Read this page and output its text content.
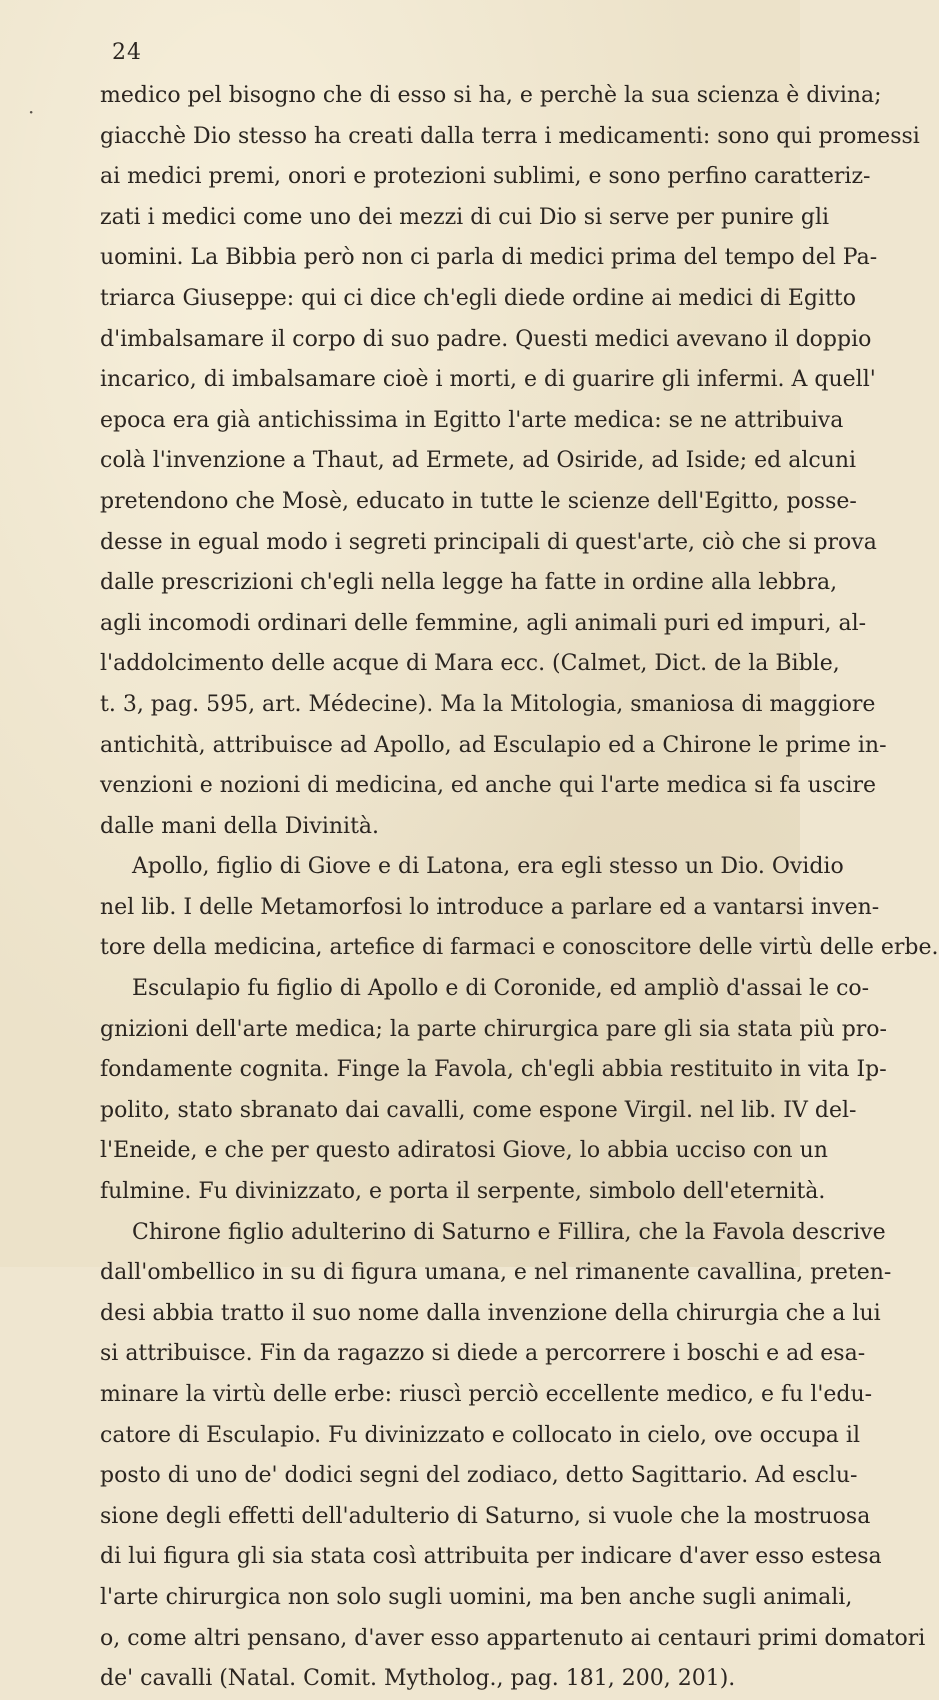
24
medico pel bisogno che di esso si ha, e perchè la sua scienza è divina;
giacchè Dio stesso ha creati dalla terra i medicamenti: sono qui promessi
ai medici premi, onori e protezioni sublimi, e sono perfino caratteriz-
zati i medici come uno dei mezzi di cui Dio si serve per punire gli
uomini. La Bibbia però non ci parla di medici prima del tempo del Pa-
triarca Giuseppe: qui ci dice ch'egli diede ordine ai medici di Egitto
d'imbalsamare il corpo di suo padre. Questi medici avevano il doppio
incarico, di imbalsamare cioè i morti, e di guarire gli infermi. A quell'
epoca era già antichissima in Egitto l'arte medica: se ne attribuiva
colà l'invenzione a Thaut, ad Ermete, ad Osiride, ad Iside; ed alcuni
pretendono che Mosè, educato in tutte le scienze dell'Egitto, posse-
desse in egual modo i segreti principali di quest'arte, ciò che si prova
dalle prescrizioni ch'egli nella legge ha fatte in ordine alla lebbra,
agli incomodi ordinari delle femmine, agli animali puri ed impuri, al-
l'addolcimento delle acque di Mara ecc. (Calmet, Dict. de la Bible,
t. 3, pag. 595, art. Médecine). Ma la Mitologia, smaniosa di maggiore
antichità, attribuisce ad Apollo, ad Esculapio ed a Chirone le prime in-
venzioni e nozioni di medicina, ed anche qui l'arte medica si fa uscire
dalle mani della Divinità.
Apollo, figlio di Giove e di Latona, era egli stesso un Dio. Ovidio
nel lib. I delle Metamorfosi lo introduce a parlare ed a vantarsi inven-
tore della medicina, artefice di farmaci e conoscitore delle virtù delle erbe.
Esculapio fu figlio di Apollo e di Coronide, ed ampliò d'assai le co-
gnizioni dell'arte medica; la parte chirurgica pare gli sia stata più pro-
fondamente cognita. Finge la Favola, ch'egli abbia restituito in vita Ip-
polito, stato sbranato dai cavalli, come espone Virgil. nel lib. IV del-
l'Eneide, e che per questo adiratosi Giove, lo abbia ucciso con un
fulmine. Fu divinizzato, e porta il serpente, simbolo dell'eternità.
Chirone figlio adulterino di Saturno e Fillira, che la Favola descrive
dall'ombellico in su di figura umana, e nel rimanente cavallina, preten-
desi abbia tratto il suo nome dalla invenzione della chirurgia che a lui
si attribuisce. Fin da ragazzo si diede a percorrere i boschi e ad esa-
minare la virtù delle erbe: riuscì perciò eccellente medico, e fu l'edu-
catore di Esculapio. Fu divinizzato e collocato in cielo, ove occupa il
posto di uno de' dodici segni del zodiaco, detto Sagittario. Ad esclu-
sione degli effetti dell'adulterio di Saturno, si vuole che la mostruosa
di lui figura gli sia stata così attribuita per indicare d'aver esso estesa
l'arte chirurgica non solo sugli uomini, ma ben anche sugli animali,
o, come altri pensano, d'aver esso appartenuto ai centauri primi domatori
de' cavalli (Natal. Comit. Mytholog., pag. 181, 200, 201).
·
